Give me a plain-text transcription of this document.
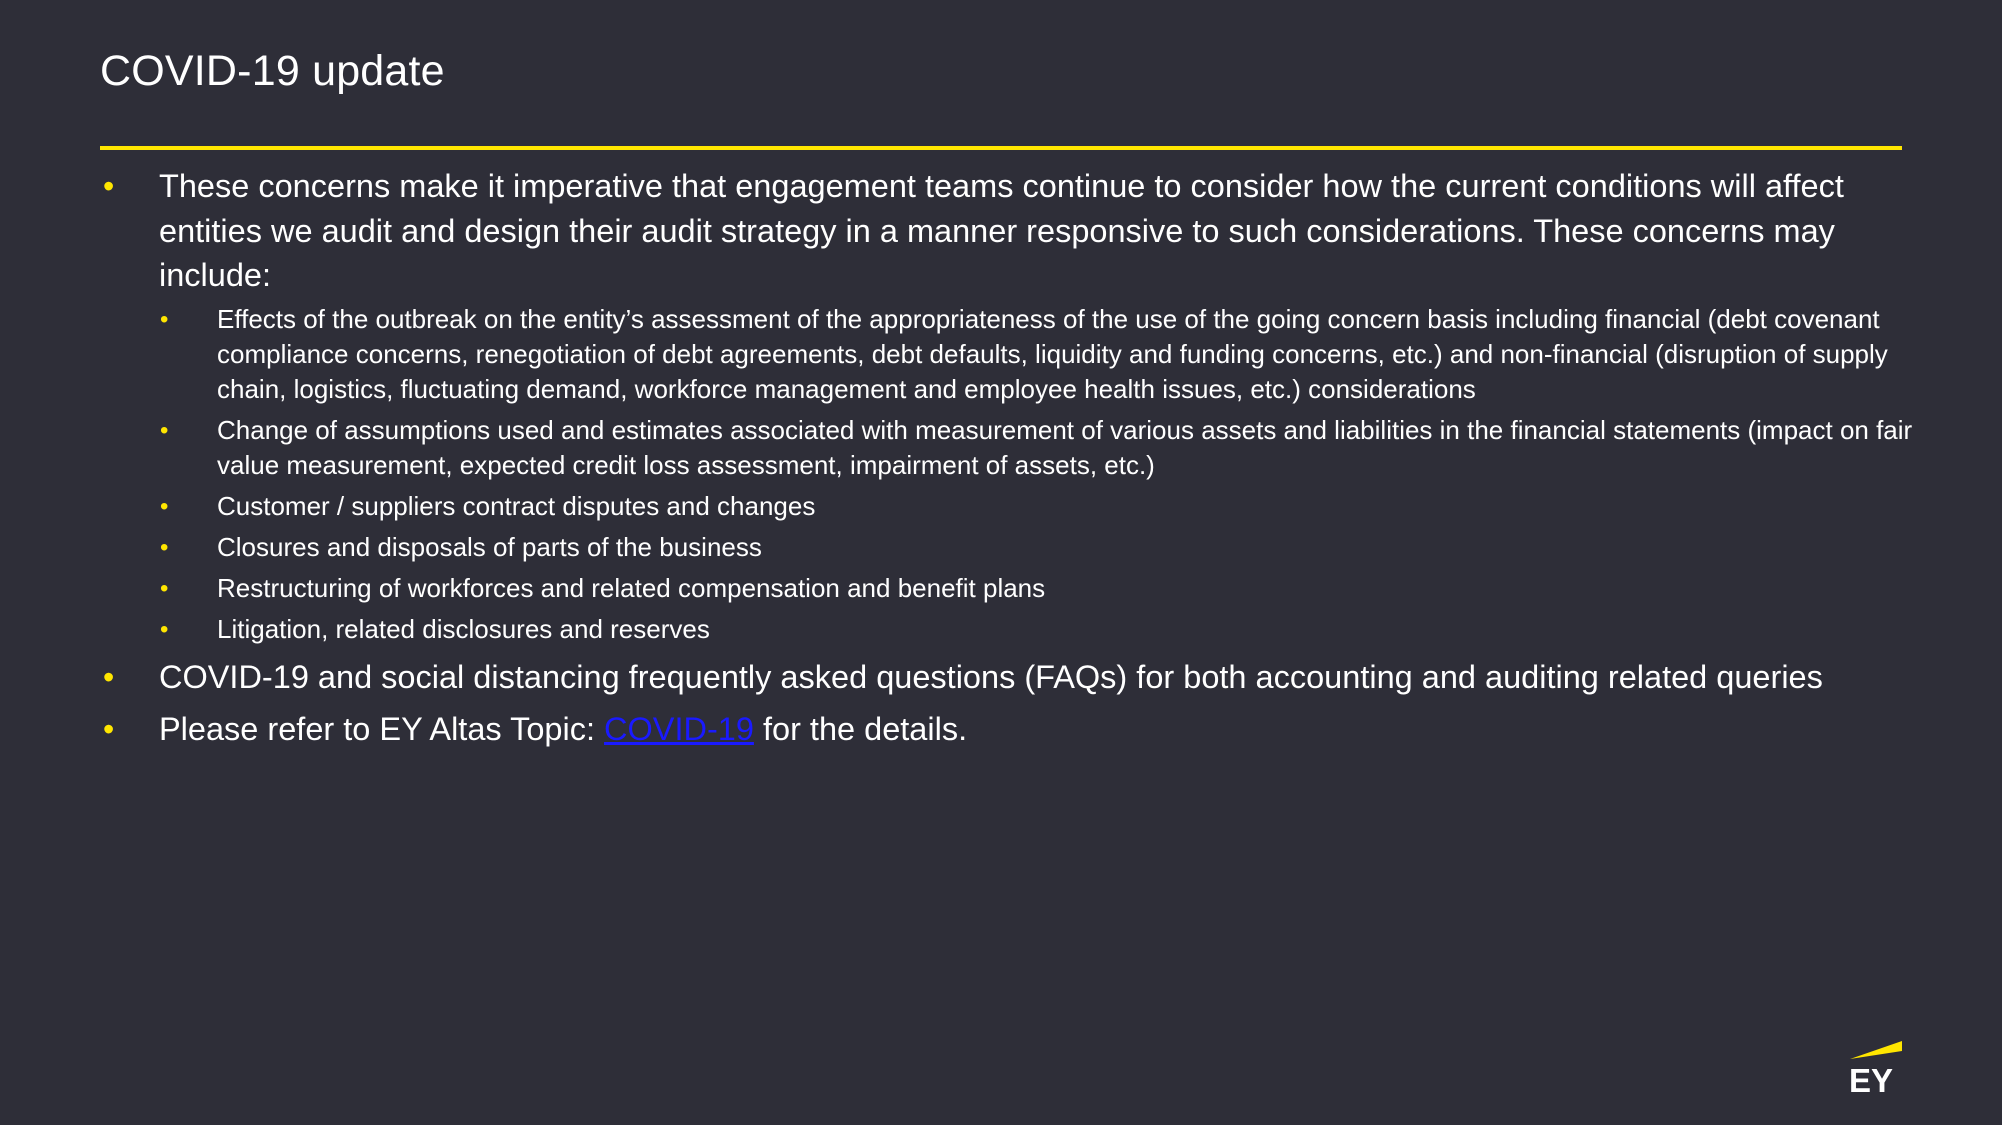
COVID-19 update
• These concerns make it imperative that engagement teams continue to consider how the current conditions will affect entities we audit and design their audit strategy in a manner responsive to such considerations. These concerns may include:
• Effects of the outbreak on the entity’s assessment of the appropriateness of the use of the going concern basis including financial (debt covenant compliance concerns, renegotiation of debt agreements, debt defaults, liquidity and funding concerns, etc.) and non-financial (disruption of supply chain, logistics, fluctuating demand, workforce management and employee health issues, etc.) considerations
• Change of assumptions used and estimates associated with measurement of various assets and liabilities in the financial statements (impact on fair value measurement, expected credit loss assessment, impairment of assets, etc.)
• Customer / suppliers contract disputes and changes
• Closures and disposals of parts of the business
• Restructuring of workforces and related compensation and benefit plans
• Litigation, related disclosures and reserves
• COVID-19 and social distancing frequently asked questions (FAQs) for both accounting and auditing related queries
• Please refer to EY Altas Topic: COVID-19 for the details.
EY
